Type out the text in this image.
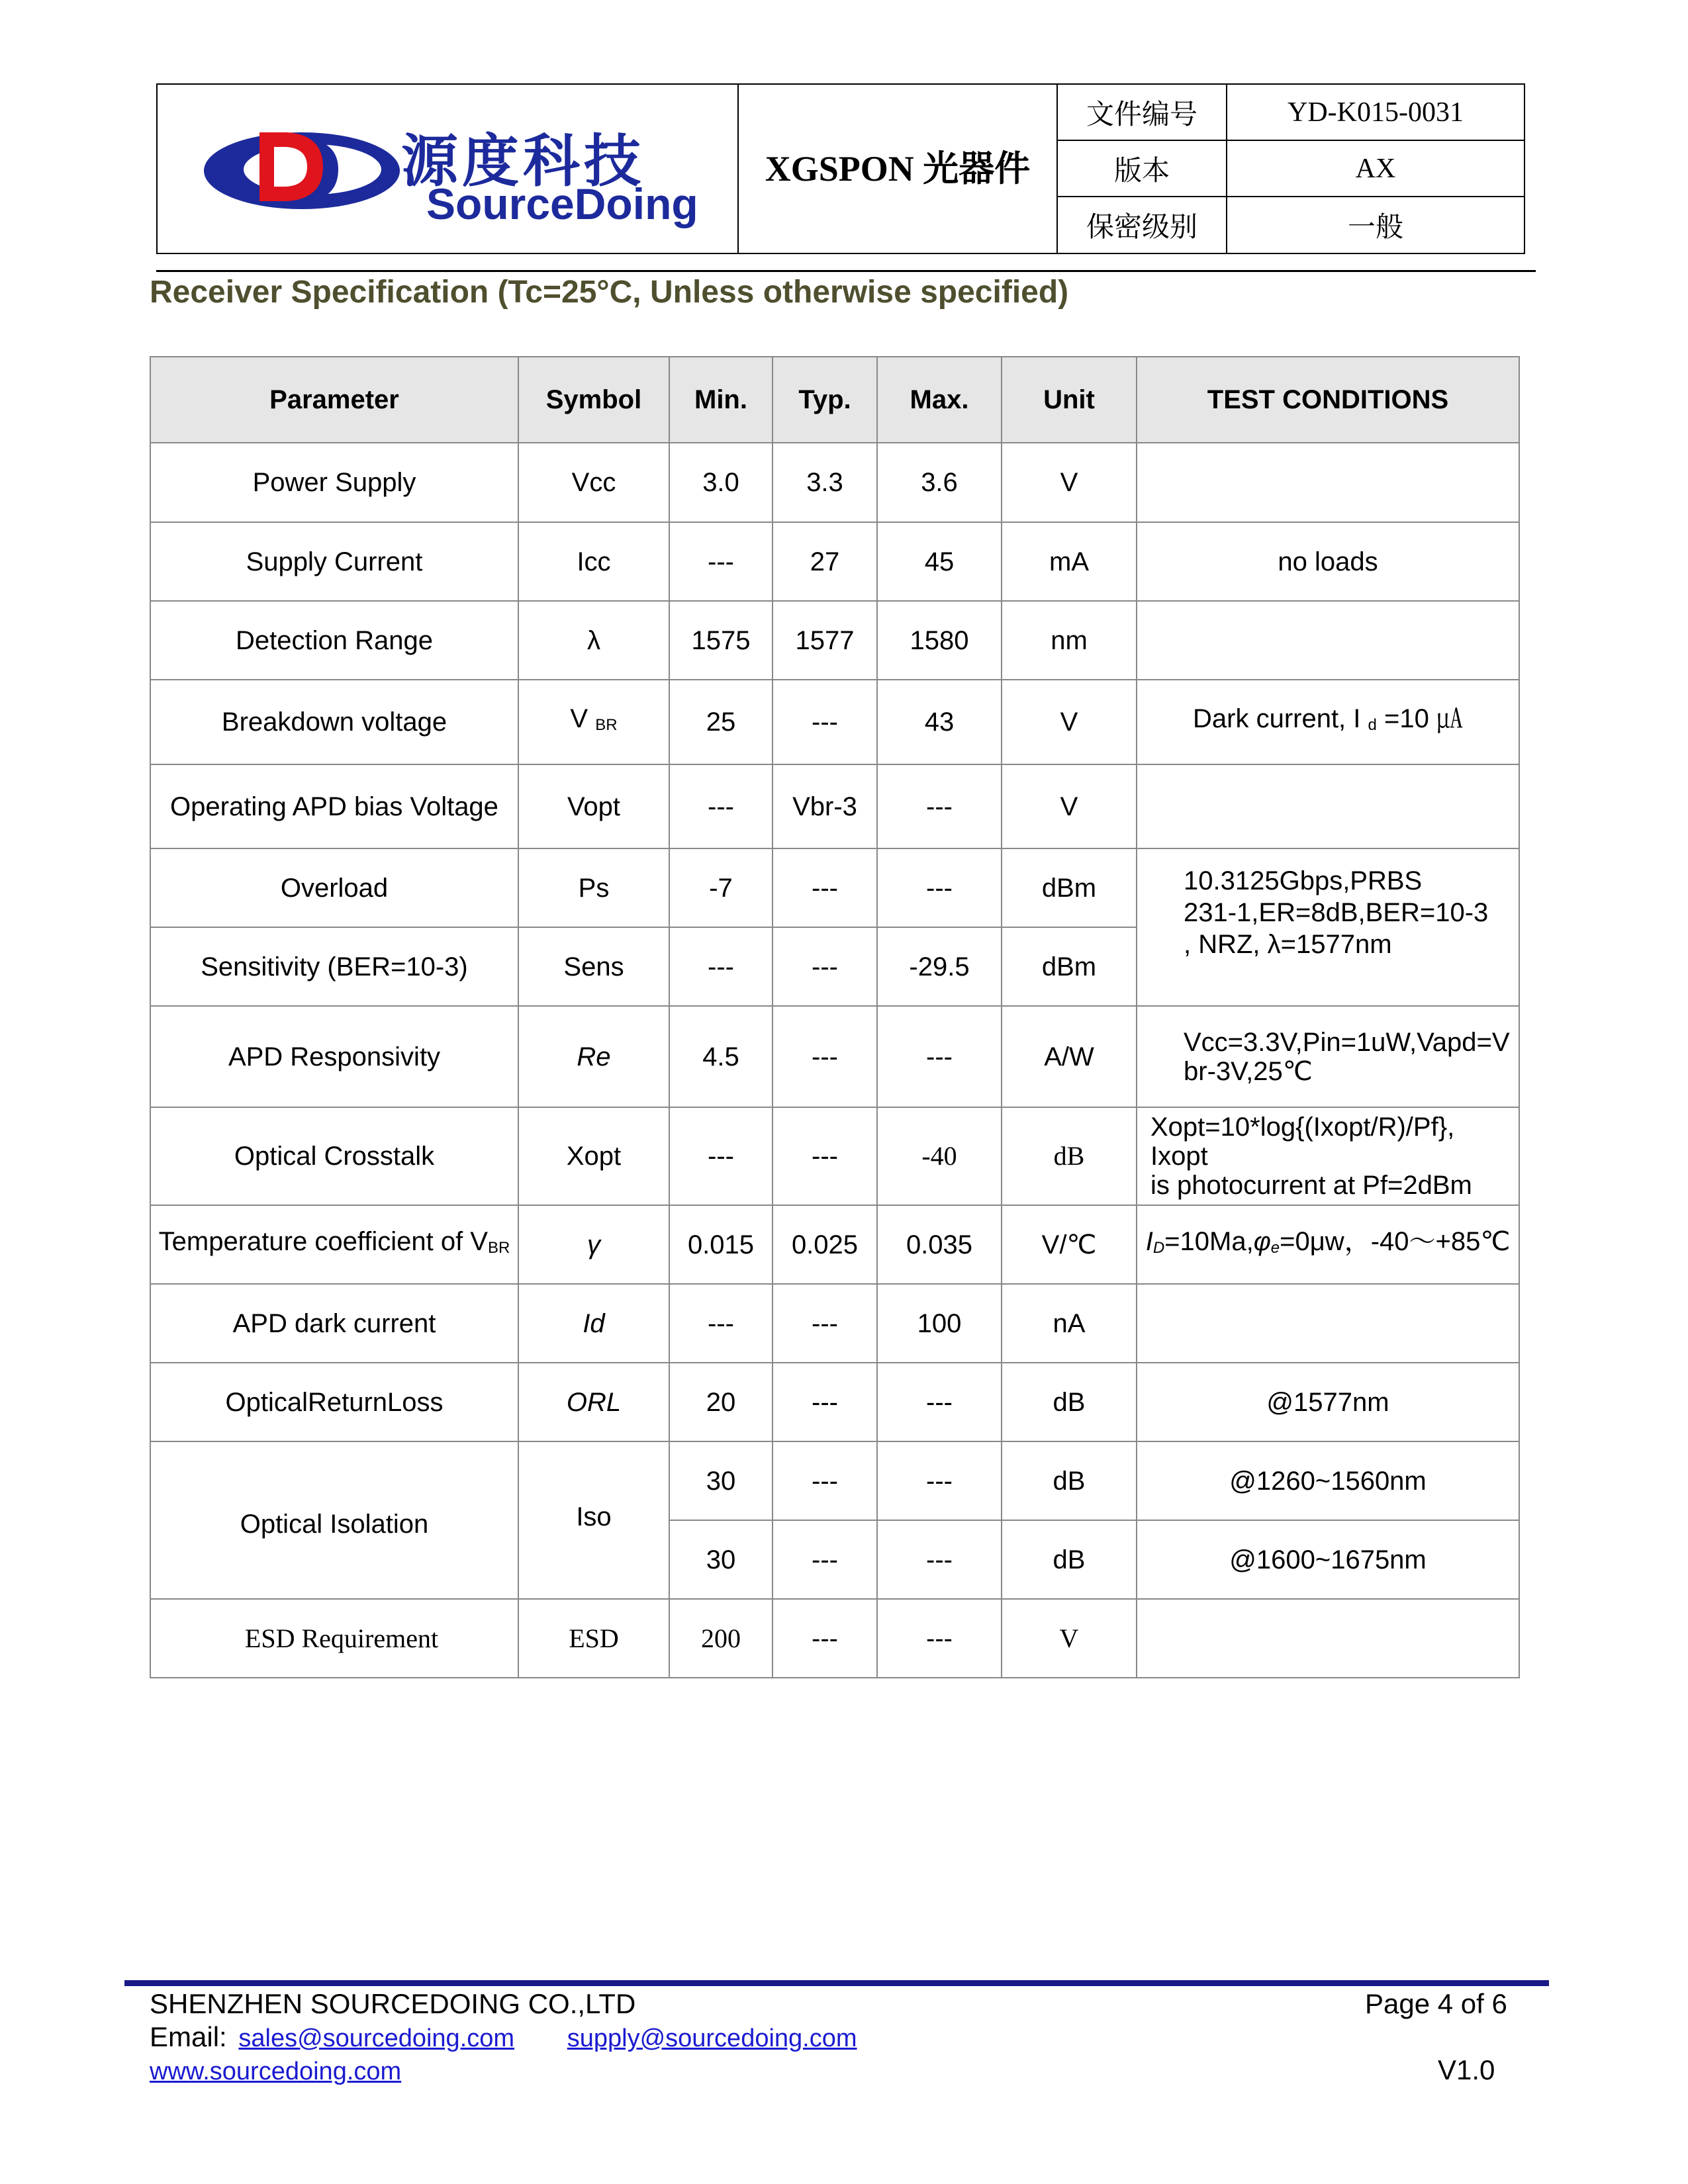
源度科技
SourceDoing	XGSPON 光器件	文件编号	YD-K015-0031
		版本	AX
		保密级别	一般
Receiver Specification (Tc=25°C, Unless otherwise specified)
Parameter	Symbol	Min.	Typ.	Max.	Unit	TEST CONDITIONS
Power Supply	Vcc	3.0	3.3	3.6	V	
Supply Current	Icc	---	27	45	mA	no loads
Detection Range	λ	1575	1577	1580	nm	
Breakdown voltage	V $_{BR}$	25	---	43	V	Dark current, I $_d$ =10 ㎂
Operating APD bias Voltage	Vopt	---	Vbr-3	---	V	
Overload	Ps	-7	---	---	dBm	10.3125Gbps,PRBS
231-1,ER=8dB,BER=10-3
, NRZ, λ=1577nm

Sensitivity (BER=10-3)	Sens	---	---	-29.5	dBm	
APD Responsivity	Re	4.5	---	---	A/W	Vcc=3.3V,Pin=1uW,Vapd=V
br-3V,25℃

Optical Crosstalk	Xopt	---	---	-40	dB	Xopt=10*log{(Ixopt/R)/Pf}, Ixopt
is photocurrent at Pf=2dBm

Temperature coefficient of $V_{BR}$	γ	0.015	0.025	0.035	V/℃	$I_D=10Ma,\varphi_e=0\mu w$，-40～+85℃
APD dark current	Id	---	---	100	nA	
OpticalReturnLoss	ORL	20	---	---	dB	@1577nm
Optical Isolation	Iso	30	---	---	dB	@1260~1560nm
		30	---	---	dB	@1600~1675nm
ESD Requirement	ESD	200	---	---	V	
SHENZHEN SOURCEDOING CO.,LTD	Page 4 of 6
Email: sales@sourcedoing.com supply@sourcedoing.com
www.sourcedoing.com	V1.0
